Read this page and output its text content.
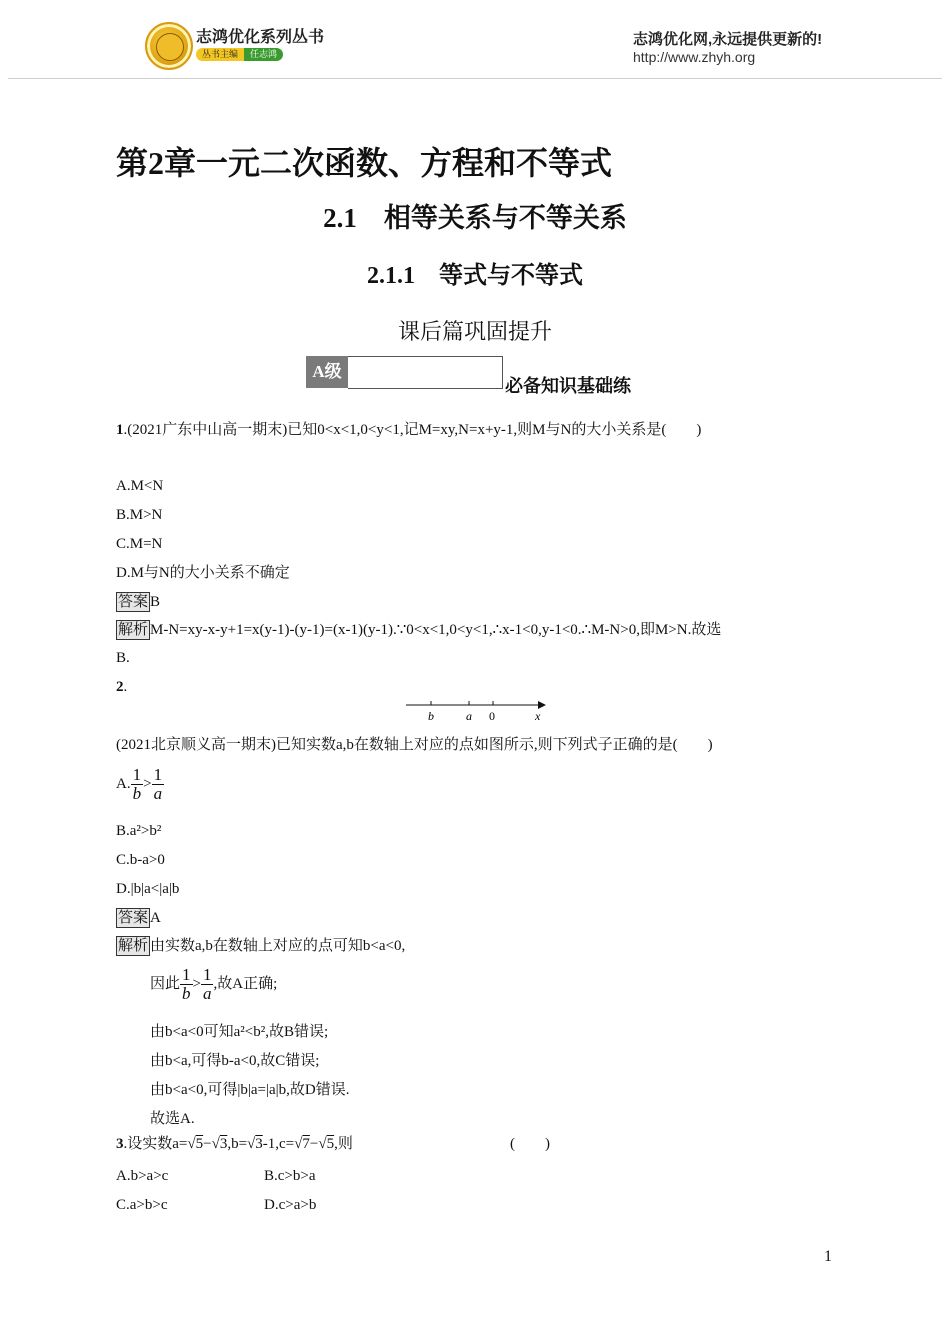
志鸿优化系列丛书
丛书主编	任志鸿
志鸿优化网,永远提供更新的!
http://www.zhyh.org
第2章一元二次函数、方程和不等式
2.1　相等关系与不等关系
2.1.1　等式与不等式
课后篇巩固提升
A级
必备知识基础练
1.(2021广东中山高一期末)已知0<x<1,0<y<1,记M=xy,N=x+y-1,则M与N的大小关系是(　　)
A.M<N
B.M>N
C.M=N
D.M与N的大小关系不确定
答案 B
解析 M-N=xy-x-y+1=x(y-1)-(y-1)=(x-1)(y-1).∵0<x<1,0<y<1,∴x-1<0,y-1<0.∴M-N>0,即M>N.故选
B.
2.
b	a 0	x
(2021北京顺义高一期末)已知实数a,b在数轴上对应的点如图所示,则下列式子正确的是(　　)
A. $\frac{1}{b} > \frac{1}{a}$
B.a²>b²
C.b-a>0
D.|b|a<|a|b
答案 A
解析 由实数a,b在数轴上对应的点可知b<a<0,
因此 $\frac{1}{b} > \frac{1}{a}$ ,故A正确;
由b<a<0可知a²<b²,故B错误;
由b<a,可得b-a<0,故C错误;
由b<a<0,可得|b|a=|a|b,故D错误.
故选A.
3.设实数a=√5−√3,b=√3-1,c=√7−√5,则	(　　)
A.b>a>c	B.c>b>a
C.a>b>c	D.c>a>b
1
